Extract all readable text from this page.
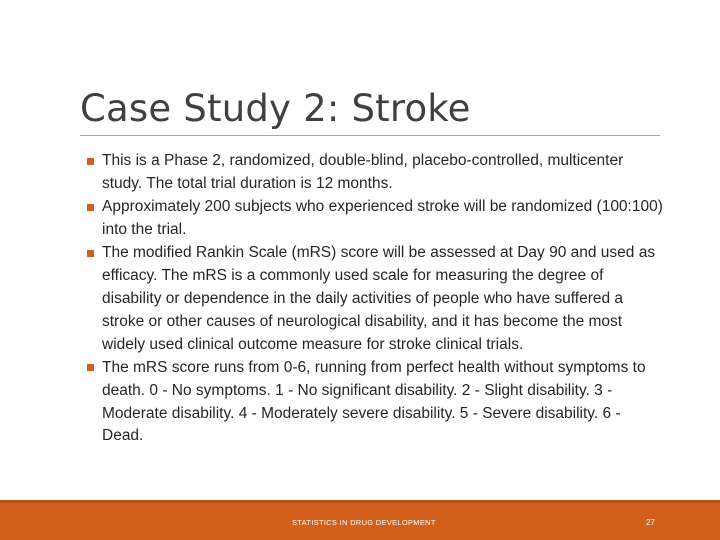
Case Study 2: Stroke
This is a Phase 2, randomized, double-blind, placebo-controlled, multicenter study. The total trial duration is 12 months.
Approximately 200 subjects who experienced stroke will be randomized (100:100) into the trial.
The modified Rankin Scale (mRS) score will be assessed at Day 90 and used as efficacy. The mRS is a commonly used scale for measuring the degree of disability or dependence in the daily activities of people who have suffered a stroke or other causes of neurological disability, and it has become the most widely used clinical outcome measure for stroke clinical trials.
The mRS score runs from 0-6, running from perfect health without symptoms to death. 0 - No symptoms. 1 - No significant disability. 2 - Slight disability. 3 - Moderate disability. 4 - Moderately severe disability. 5 - Severe disability. 6 - Dead.
STATISTICS IN DRUG DEVELOPMENT	27
